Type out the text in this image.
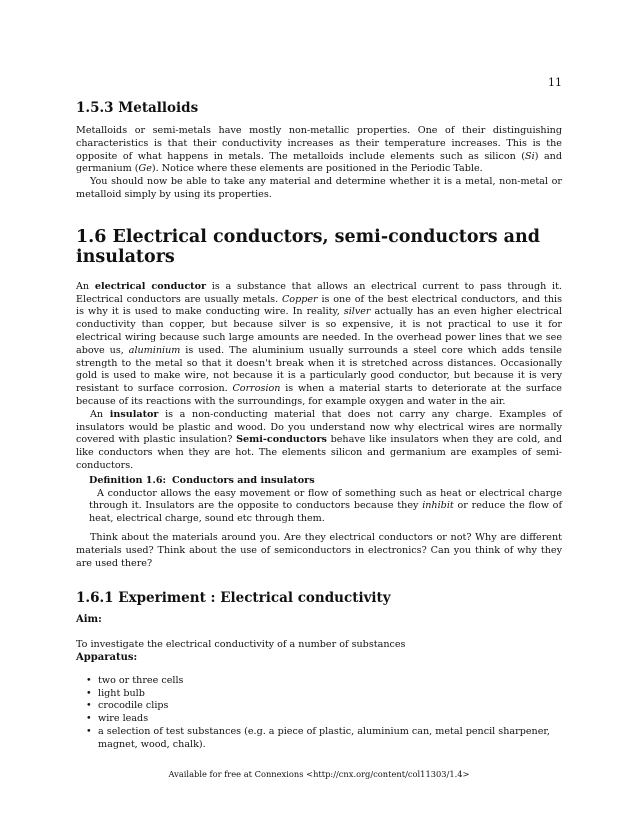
11
1.5.3 Metalloids

Metalloids or semi-metals have mostly non-metallic properties. One of their distinguishing characteristics is that their conductivity increases as their temperature increases. This is the opposite of what happens in metals. The metalloids include elements such as silicon (Si) and germanium (Ge). Notice where these elements are positioned in the Periodic Table.

You should now be able to take any material and determine whether it is a metal, non-metal or metalloid simply by using its properties.

1.6 Electrical conductors, semi-conductors and insulators

An electrical conductor is a substance that allows an electrical current to pass through it. Electrical conductors are usually metals. Copper is one of the best electrical conductors, and this is why it is used to make conducting wire. In reality, silver actually has an even higher electrical conductivity than copper, but because silver is so expensive, it is not practical to use it for electrical wiring because such large amounts are needed. In the overhead power lines that we see above us, aluminium is used. The aluminium usually surrounds a steel core which adds tensile strength to the metal so that it doesn't break when it is stretched across distances. Occasionally gold is used to make wire, not because it is a particularly good conductor, but because it is very resistant to surface corrosion. Corrosion is when a material starts to deteriorate at the surface because of its reactions with the surroundings, for example oxygen and water in the air.

An insulator is a non-conducting material that does not carry any charge. Examples of insulators would be plastic and wood. Do you understand now why electrical wires are normally covered with plastic insulation? Semi-conductors behave like insulators when they are cold, and like conductors when they are hot. The elements silicon and germanium are examples of semi-conductors.

Definition 1.6: Conductors and insulators

A conductor allows the easy movement or flow of something such as heat or electrical charge through it. Insulators are the opposite to conductors because they inhibit or reduce the flow of heat, electrical charge, sound etc through them.

Think about the materials around you. Are they electrical conductors or not? Why are different materials used? Think about the use of semiconductors in electronics? Can you think of why they are used there?

1.6.1 Experiment : Electrical conductivity
Aim:

To investigate the electrical conductivity of a number of substances

Apparatus:
• two or three cells
• light bulb
• crocodile clips
• wire leads
• a selection of test substances (e.g. a piece of plastic, aluminium can, metal pencil sharpener, magnet, wood, chalk).
Available for free at Connexions <http://cnx.org/content/col11303/1.4>
